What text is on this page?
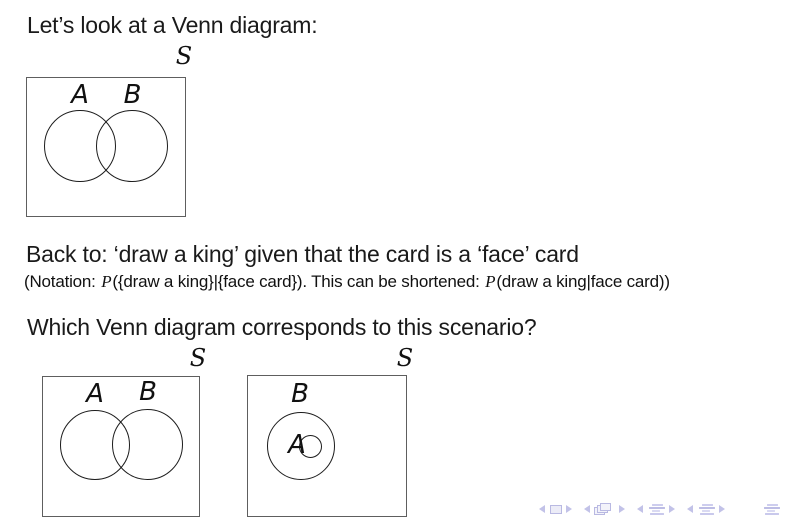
Let’s look at a Venn diagram:
S
A B
Back to: ‘draw a king’ given that the card is a ‘face’ card
(Notation: P({draw a king}|{face card}). This can be shortened: P(draw a king|face card))
Which Venn diagram corresponds to this scenario?
S
A B
S
B
A
